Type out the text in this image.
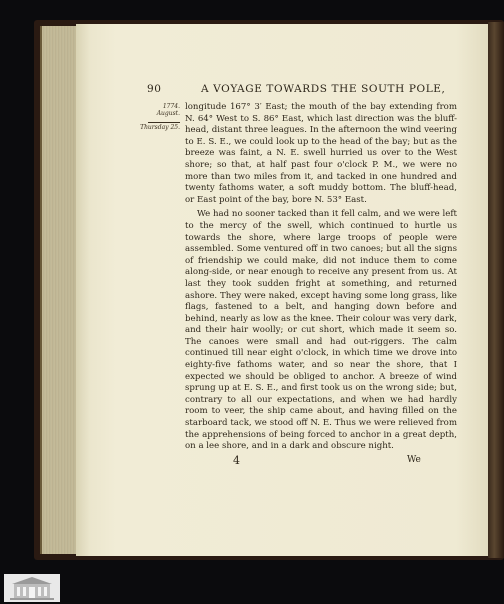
90	A VOYAGE TOWARDS THE SOUTH POLE,
1774.
August.
Thursday 25.

longitude 167° 3′ East; the mouth of the bay extending from N. 64° West to S. 86° East, which last direction was the bluff-head, distant three leagues. In the afternoon the wind veering to E. S. E., we could look up to the head of the bay; but as the breeze was faint, a N. E. swell hurried us over to the West shore; so that, at half past four o'clock P. M., we were no more than two miles from it, and tacked in one hundred and twenty fathoms water, a soft muddy bottom. The bluff-head, or East point of the bay, bore N. 53° East.

We had no sooner tacked than it fell calm, and we were left to the mercy of the swell, which continued to hurtle us towards the shore, where large troops of people were assembled. Some ventured off in two canoes; but all the signs of friendship we could make, did not induce them to come along-side, or near enough to receive any present from us. At last they took sudden fright at something, and returned ashore. They were naked, except having some long grass, like flags, fastened to a belt, and hanging down before and behind, nearly as low as the knee. Their colour was very dark, and their hair woolly; or cut short, which made it seem so. The canoes were small and had out-riggers. The calm continued till near eight o'clock, in which time we drove into eighty-five fathoms water, and so near the shore, that I expected we should be obliged to anchor. A breeze of wind sprung up at E. S. E., and first took us on the wrong side; but, contrary to all our expectations, and when we had hardly room to veer, the ship came about, and having filled on the starboard tack, we stood off N. E. Thus we were relieved from the apprehensions of being forced to anchor in a great depth, on a lee shore, and in a dark and obscure night.

4	We
